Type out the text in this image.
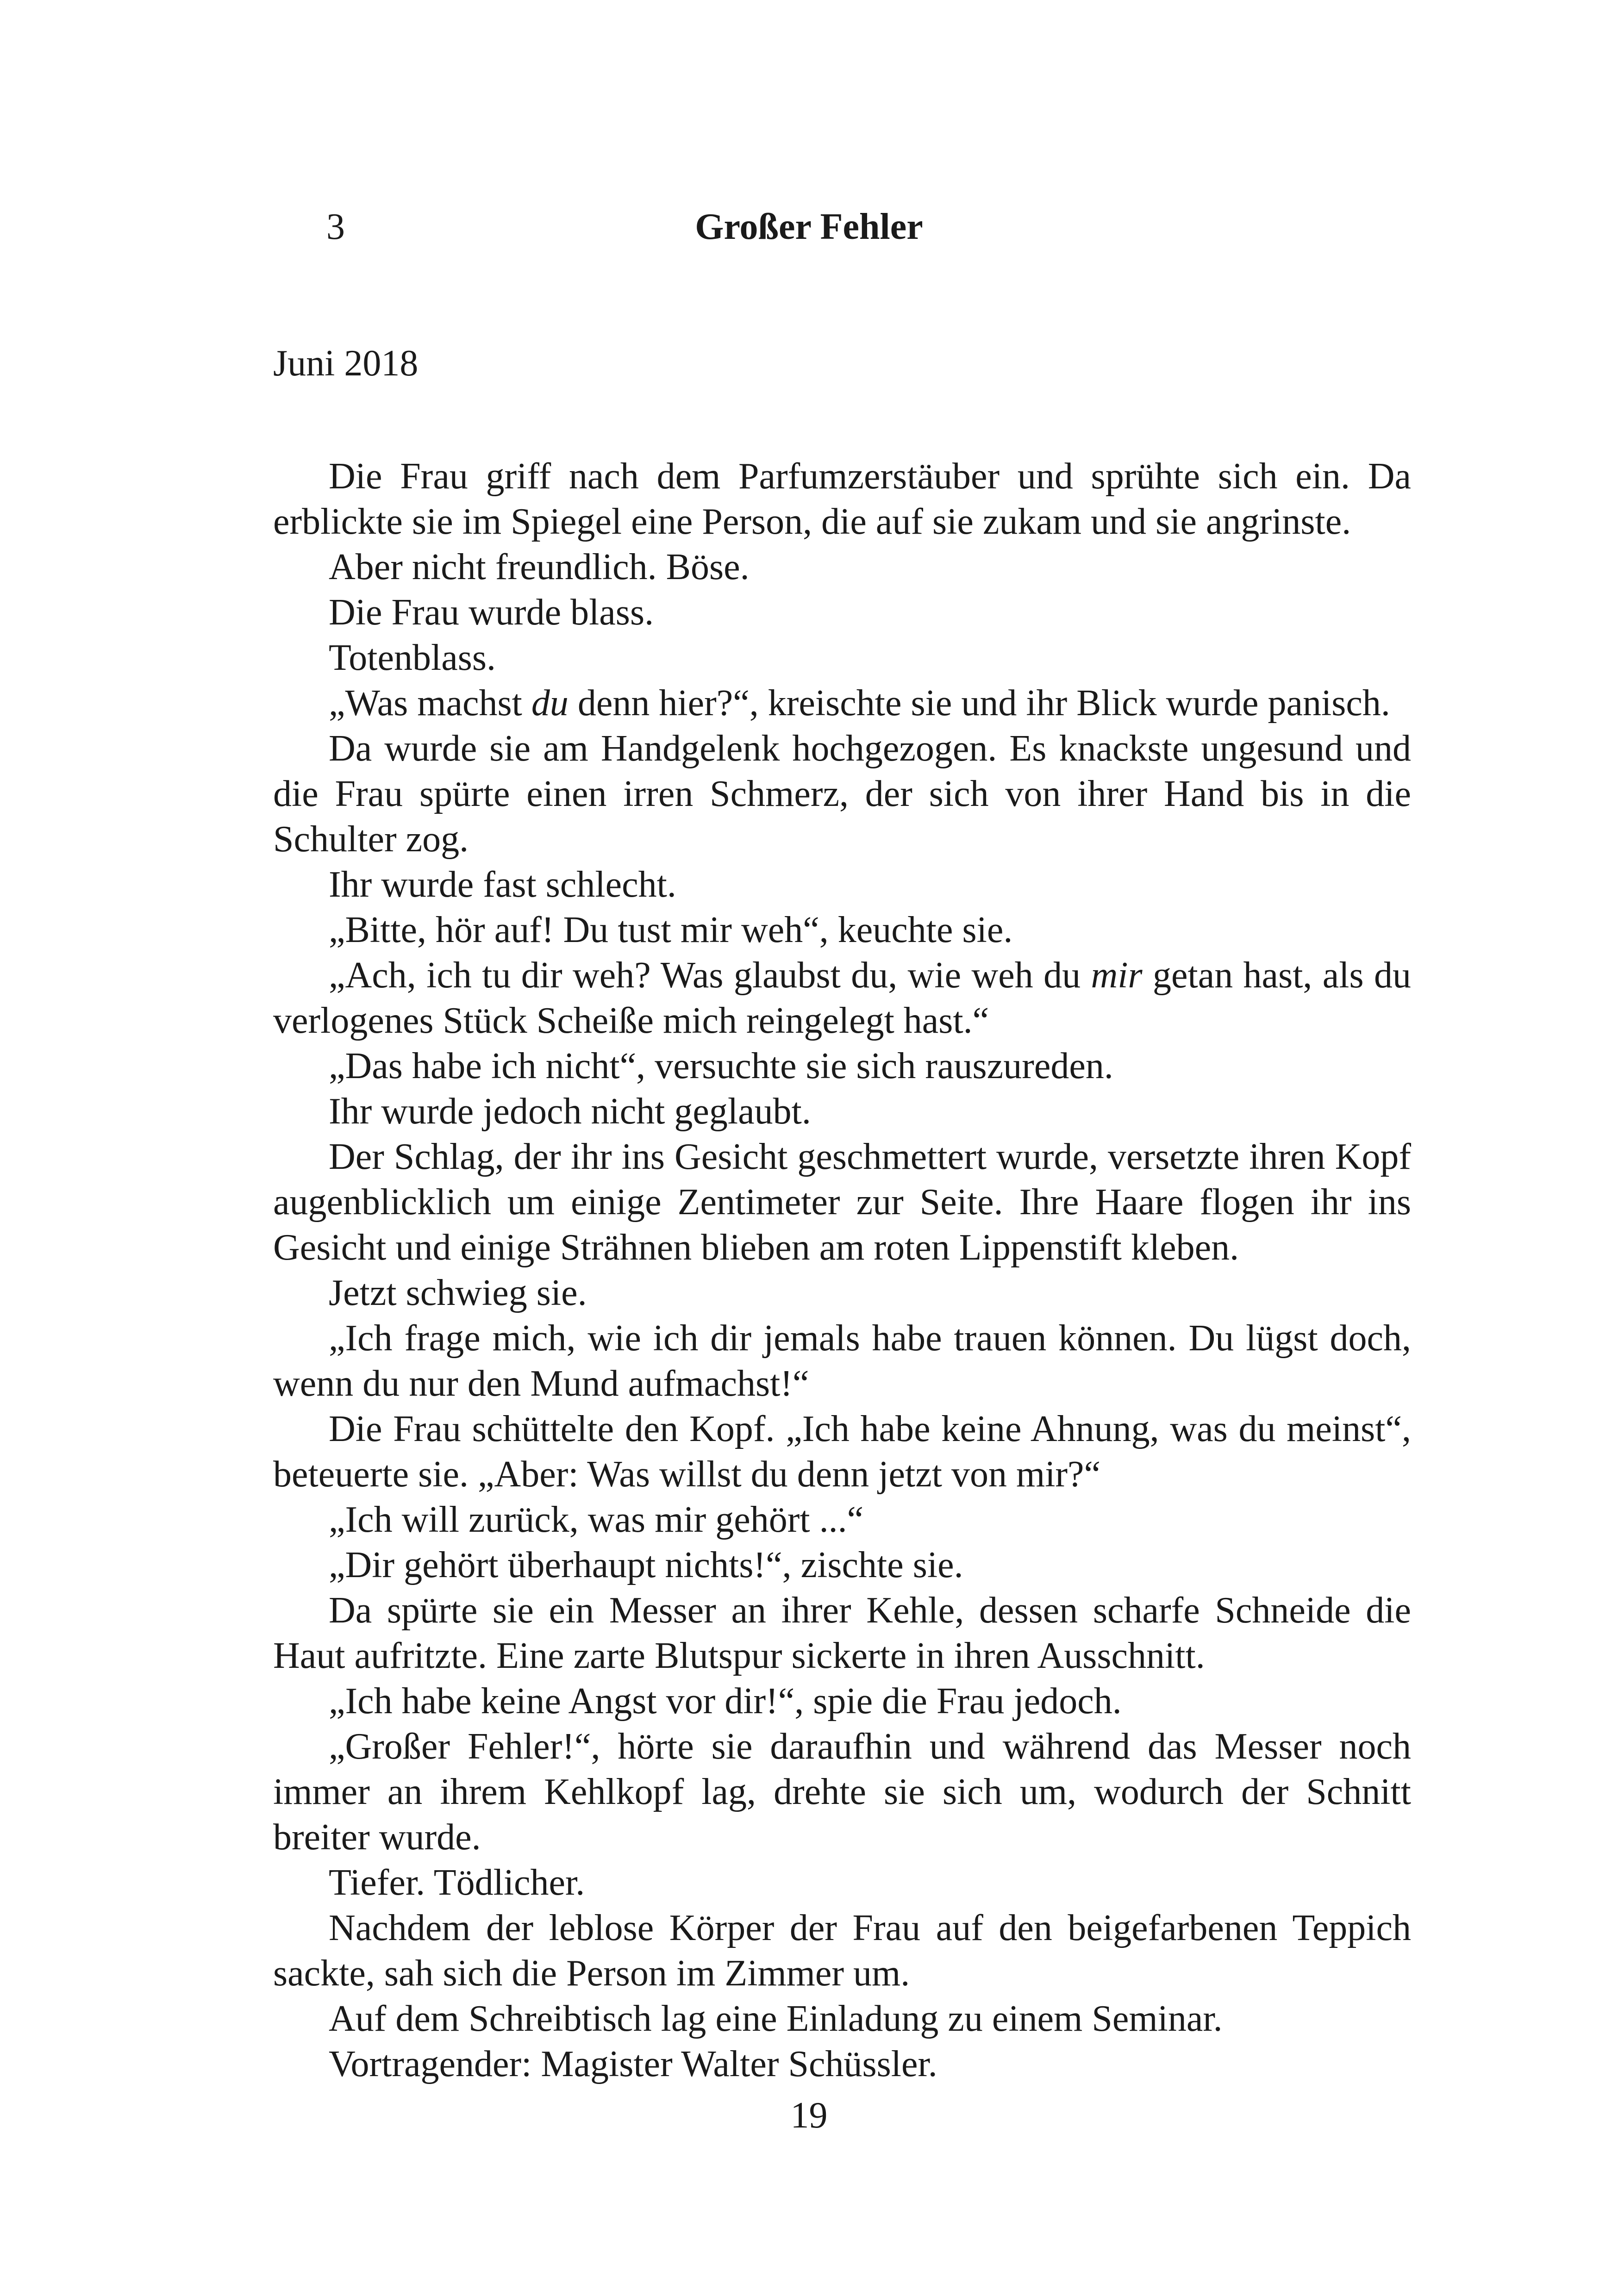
3	Großer Fehler
Juni 2018

Die Frau griff nach dem Parfumzerstäuber und sprühte sich ein. Da erblickte sie im Spiegel eine Person, die auf sie zukam und sie angrinste.

Aber nicht freundlich. Böse.

Die Frau wurde blass.

Totenblass.

„Was machst du denn hier?“, kreischte sie und ihr Blick wurde panisch.

Da wurde sie am Handgelenk hochgezogen. Es knackste ungesund und die Frau spürte einen irren Schmerz, der sich von ihrer Hand bis in die Schulter zog.

Ihr wurde fast schlecht.

„Bitte, hör auf! Du tust mir weh“, keuchte sie.

„Ach, ich tu dir weh? Was glaubst du, wie weh du mir getan hast, als du verlogenes Stück Scheiße mich reingelegt hast.“

„Das habe ich nicht“, versuchte sie sich rauszureden.

Ihr wurde jedoch nicht geglaubt.

Der Schlag, der ihr ins Gesicht geschmettert wurde, versetzte ihren Kopf augenblicklich um einige Zentimeter zur Seite. Ihre Haare flogen ihr ins Gesicht und einige Strähnen blieben am roten Lippenstift kleben.

Jetzt schwieg sie.

„Ich frage mich, wie ich dir jemals habe trauen können. Du lügst doch, wenn du nur den Mund aufmachst!“

Die Frau schüttelte den Kopf. „Ich habe keine Ahnung, was du meinst“, beteuerte sie. „Aber: Was willst du denn jetzt von mir?“

„Ich will zurück, was mir gehört ...“

„Dir gehört überhaupt nichts!“, zischte sie.

Da spürte sie ein Messer an ihrer Kehle, dessen scharfe Schneide die Haut aufritzte. Eine zarte Blutspur sickerte in ihren Ausschnitt.

„Ich habe keine Angst vor dir!“, spie die Frau jedoch.

„Großer Fehler!“, hörte sie daraufhin und während das Messer noch immer an ihrem Kehlkopf lag, drehte sie sich um, wodurch der Schnitt breiter wurde.

Tiefer. Tödlicher.

Nachdem der leblose Körper der Frau auf den beigefarbenen Teppich sackte, sah sich die Person im Zimmer um.

Auf dem Schreibtisch lag eine Einladung zu einem Seminar.

Vortragender: Magister Walter Schüssler.

19
